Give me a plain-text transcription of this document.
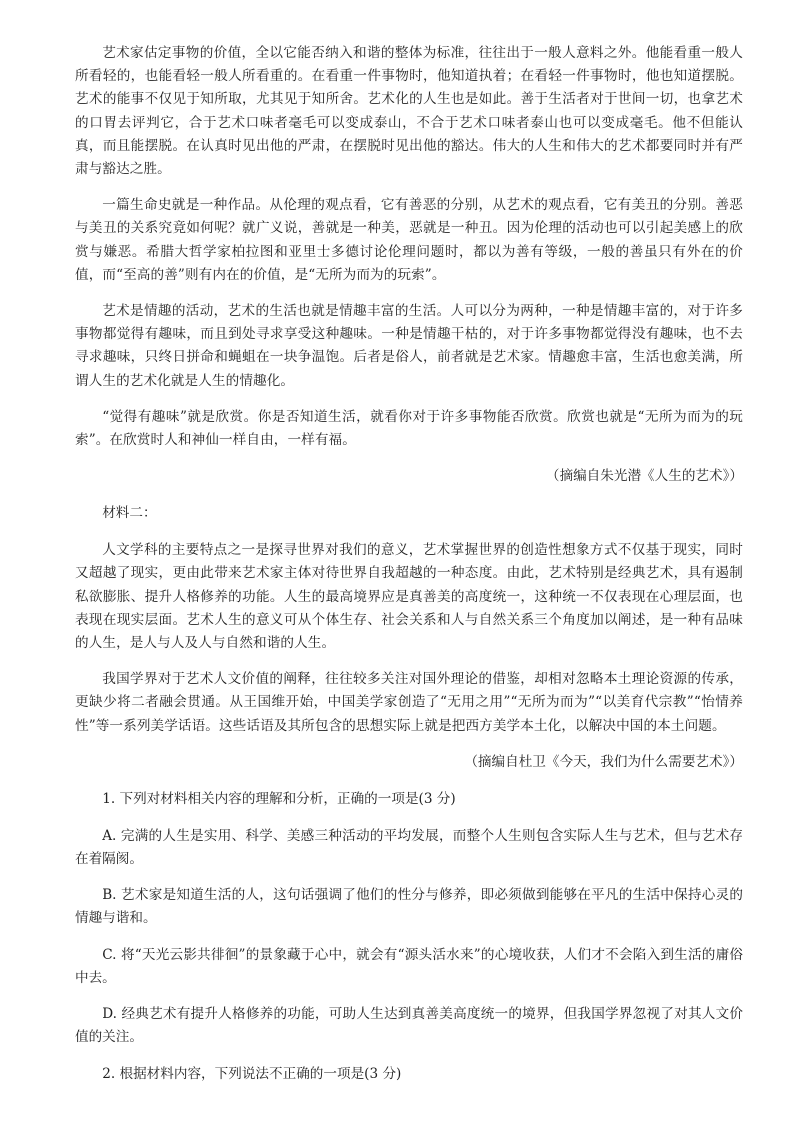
艺术家估定事物的价值，全以它能否纳入和谐的整体为标准，往往出于一般人意料之外。他能看重一般人所看轻的，也能看轻一般人所看重的。在看重一件事物时，他知道执着；在看轻一件事物时，他也知道摆脱。艺术的能事不仅见于知所取，尤其见于知所舍。艺术化的人生也是如此。善于生活者对于世间一切，也拿艺术的口胃去评判它，合于艺术口味者毫毛可以变成泰山，不合于艺术口味者泰山也可以变成毫毛。他不但能认真，而且能摆脱。在认真时见出他的严肃，在摆脱时见出他的豁达。伟大的人生和伟大的艺术都要同时并有严肃与豁达之胜。

一篇生命史就是一种作品。从伦理的观点看，它有善恶的分别，从艺术的观点看，它有美丑的分别。善恶与美丑的关系究竟如何呢？就广义说，善就是一种美，恶就是一种丑。因为伦理的活动也可以引起美感上的欣赏与嫌恶。希腊大哲学家柏拉图和亚里士多德讨论伦理问题时，都以为善有等级，一般的善虽只有外在的价值，而“至高的善”则有内在的价值，是“无所为而为的玩索”。

艺术是情趣的活动，艺术的生活也就是情趣丰富的生活。人可以分为两种，一种是情趣丰富的，对于许多事物都觉得有趣味，而且到处寻求享受这种趣味。一种是情趣干枯的，对于许多事物都觉得没有趣味，也不去寻求趣味，只终日拼命和蝇蛆在一块争温饱。后者是俗人，前者就是艺术家。情趣愈丰富，生活也愈美满，所谓人生的艺术化就是人生的情趣化。

“觉得有趣味”就是欣赏。你是否知道生活，就看你对于许多事物能否欣赏。欣赏也就是“无所为而为的玩索”。在欣赏时人和神仙一样自由，一样有福。

（摘编自朱光潜《人生的艺术》）

材料二：

人文学科的主要特点之一是探寻世界对我们的意义，艺术掌握世界的创造性想象方式不仅基于现实，同时又超越了现实，更由此带来艺术家主体对待世界自我超越的一种态度。由此，艺术特别是经典艺术，具有遏制私欲膨胀、提升人格修养的功能。人生的最高境界应是真善美的高度统一，这种统一不仅表现在心理层面，也表现在现实层面。艺术人生的意义可从个体生存、社会关系和人与自然关系三个角度加以阐述，是一种有品味的人生，是人与人及人与自然和谐的人生。

我国学界对于艺术人文价值的阐释，往往较多关注对国外理论的借鉴，却相对忽略本土理论资源的传承，更缺少将二者融会贯通。从王国维开始，中国美学家创造了“无用之用”“无所为而为”“以美育代宗教”“怡情养性”等一系列美学话语。这些话语及其所包含的思想实际上就是把西方美学本土化，以解决中国的本土问题。

（摘编自杜卫《今天，我们为什么需要艺术》）

1. 下列对材料相关内容的理解和分析，正确的一项是(3 分)

A. 完满的人生是实用、科学、美感三种活动的平均发展，而整个人生则包含实际人生与艺术，但与艺术存在着隔阂。

B. 艺术家是知道生活的人，这句话强调了他们的性分与修养，即必须做到能够在平凡的生活中保持心灵的情趣与谐和。

C. 将“天光云影共徘徊”的景象藏于心中，就会有“源头活水来”的心境收获，人们才不会陷入到生活的庸俗中去。

D. 经典艺术有提升人格修养的功能，可助人生达到真善美高度统一的境界，但我国学界忽视了对其人文价值的关注。

2. 根据材料内容，下列说法不正确的一项是(3 分)
